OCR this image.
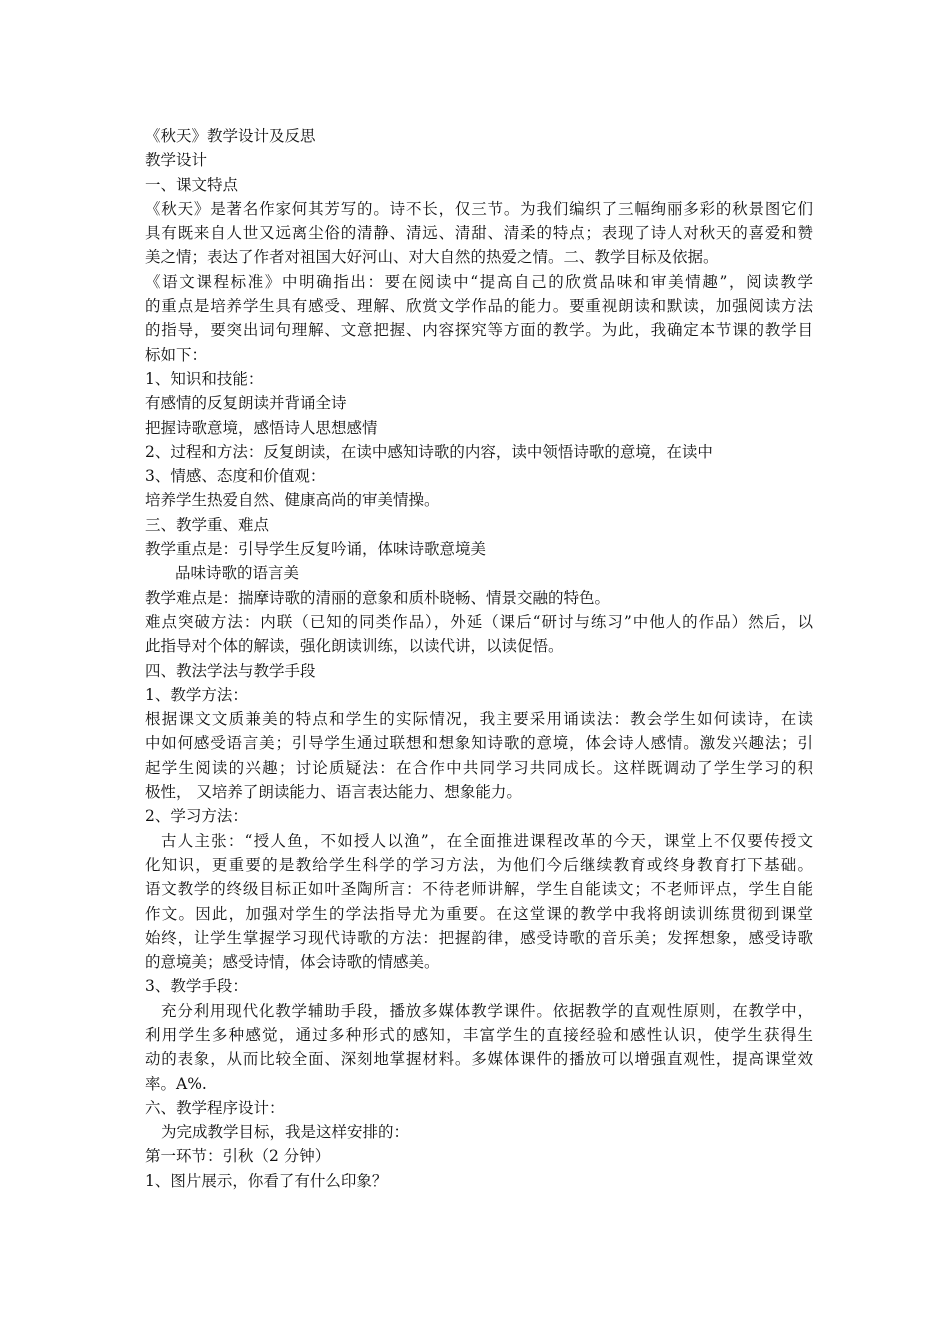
《秋天》教学设计及反思
教学设计
一、课文特点
《秋天》是著名作家何其芳写的。诗不长，仅三节。为我们编织了三幅绚丽多彩的秋景图它们
具有既来自人世又远离尘俗的清静、清远、清甜、清柔的特点；表现了诗人对秋天的喜爱和赞
美之情；表达了作者对祖国大好河山、对大自然的热爱之情。二、教学目标及依据。
《语文课程标准》中明确指出：要在阅读中“提高自己的欣赏品味和审美情趣”，阅读教学
的重点是培养学生具有感受、理解、欣赏文学作品的能力。要重视朗读和默读，加强阅读方法
的指导，要突出词句理解、文意把握、内容探究等方面的教学。为此，我确定本节课的教学目
标如下：
1、知识和技能：
有感情的反复朗读并背诵全诗
把握诗歌意境，感悟诗人思想感情
2、过程和方法：反复朗读，在读中感知诗歌的内容，读中领悟诗歌的意境，在读中
3、情感、态度和价值观：
培养学生热爱自然、健康高尚的审美情操。
三、教学重、难点
教学重点是：引导学生反复吟诵，体味诗歌意境美
品味诗歌的语言美
教学难点是：揣摩诗歌的清丽的意象和质朴晓畅、情景交融的特色。
难点突破方法：内联（已知的同类作品），外延（课后“研讨与练习”中他人的作品）然后，以
此指导对个体的解读，强化朗读训练，以读代讲，以读促悟。
四、教法学法与教学手段
1、教学方法：
根据课文文质兼美的特点和学生的实际情况，我主要采用诵读法：教会学生如何读诗，在读
中如何感受语言美；引导学生通过联想和想象知诗歌的意境，体会诗人感情。激发兴趣法；引
起学生阅读的兴趣；讨论质疑法：在合作中共同学习共同成长。这样既调动了学生学习的积
极性， 又培养了朗读能力、语言表达能力、想象能力。
2、学习方法：
古人主张：“授人鱼，不如授人以渔”，在全面推进课程改革的今天，课堂上不仅要传授文
化知识，更重要的是教给学生科学的学习方法，为他们今后继续教育或终身教育打下基础。
语文教学的终级目标正如叶圣陶所言：不待老师讲解，学生自能读文；不老师评点，学生自能
作文。因此，加强对学生的学法指导尤为重要。在这堂课的教学中我将朗读训练贯彻到课堂
始终，让学生掌握学习现代诗歌的方法：把握韵律，感受诗歌的音乐美；发挥想象，感受诗歌
的意境美；感受诗情，体会诗歌的情感美。
3、教学手段：
充分利用现代化教学辅助手段，播放多媒体教学课件。依据教学的直观性原则，在教学中，
利用学生多种感觉，通过多种形式的感知，丰富学生的直接经验和感性认识，使学生获得生
动的表象，从而比较全面、深刻地掌握材料。多媒体课件的播放可以增强直观性，提高课堂效
率。A%.
六、教学程序设计：
为完成教学目标，我是这样安排的：
第一环节：引秋（2 分钟）
1、图片展示，你看了有什么印象？
